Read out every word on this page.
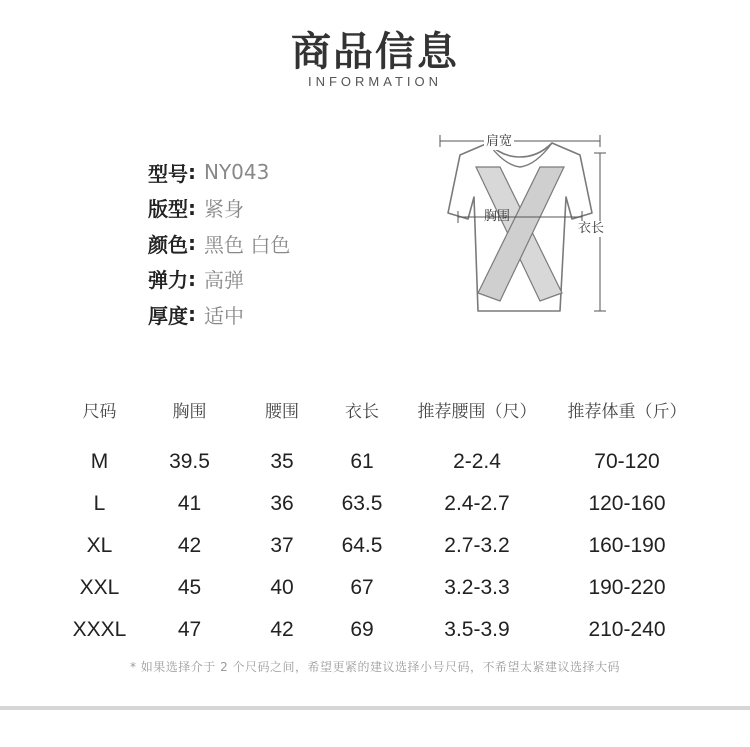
商品信息
INFORMATION
型号 : NY043
版型 : 紧身
颜色 : 黑色 白色
弹力 : 高弹
厚度 : 适中
肩宽
胸围
衣长
尺码	胸围	腰围	衣长	推荐腰围（尺）	推荐体重（斤）
M	39.5	35	61	2-2.4	70-120
L	41	36	63.5	2.4-2.7	120-160
XL	42	37	64.5	2.7-3.2	160-190
XXL	45	40	67	3.2-3.3	190-220
XXXL	47	42	69	3.5-3.9	210-240
* 如果选择介于 2 个尺码之间，希望更紧的建议选择小号尺码，不希望太紧建议选择大码
